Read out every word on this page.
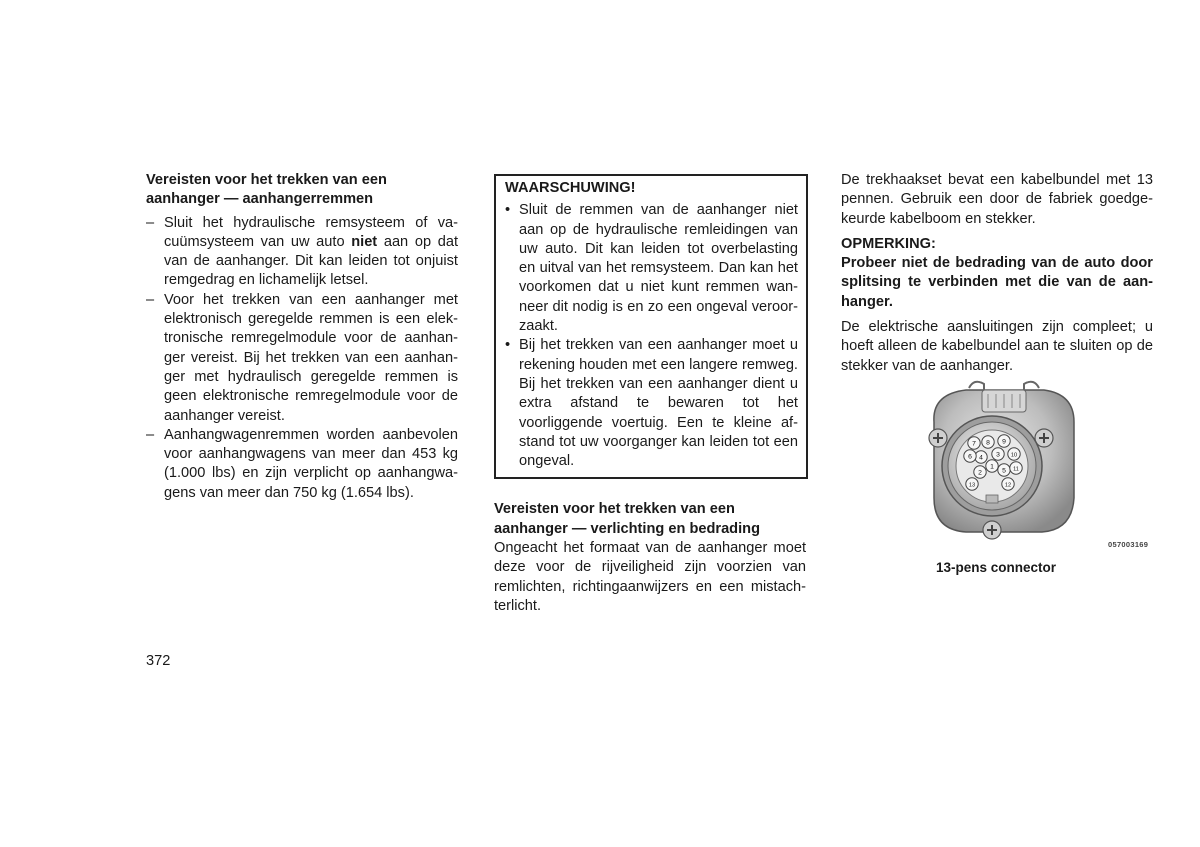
Vereisten voor het trekken van een aanhanger — aanhangerremmen
– Sluit het hydraulische remsysteem of vacuümsysteem van uw auto niet aan op dat van de aanhanger. Dit kan leiden tot onjuist remgedrag en lichamelijk letsel.
– Voor het trekken van een aanhanger met elektronisch geregelde remmen is een elektronische remregelmodule voor de aanhanger vereist. Bij het trekken van een aanhanger met hydraulisch geregelde remmen is geen elektronische remregelmodule voor de aanhanger vereist.
– Aanhangwagenremmen worden aanbevolen voor aanhangwagens van meer dan 453 kg (1.000 lbs) en zijn verplicht op aanhangwagens van meer dan 750 kg (1.654 lbs).
WAARSCHUWING!
• Sluit de remmen van de aanhanger niet aan op de hydraulische remleidingen van uw auto. Dit kan leiden tot overbelasting en uitval van het remsysteem. Dan kan het voorkomen dat u niet kunt remmen wanneer dit nodig is en zo een ongeval veroorzaakt.
• Bij het trekken van een aanhanger moet u rekening houden met een langere remweg. Bij het trekken van een aanhanger dient u extra afstand te bewaren tot het voorliggende voertuig. Een te kleine afstand tot uw voorganger kan leiden tot een ongeval.
Vereisten voor het trekken van een aanhanger — verlichting en bedrading

Ongeacht het formaat van de aanhanger moet deze voor de rijveiligheid zijn voorzien van remlichten, richtingaanwijzers en een mistachterlicht.

De trekhaakset bevat een kabelbundel met 13 pennen. Gebruik een door de fabriek goedgekeurde kabelboom en stekker.

OPMERKING:
Probeer niet de bedrading van de auto door splitsing te verbinden met die van de aanhanger.

De elektrische aansluitingen zijn compleet; u hoeft alleen de kabelbundel aan te sluiten op de stekker van de aanhanger.

1
2
3
4
5
6
7 8 9
10
11
12
13
057003169
13-pens connector
372
